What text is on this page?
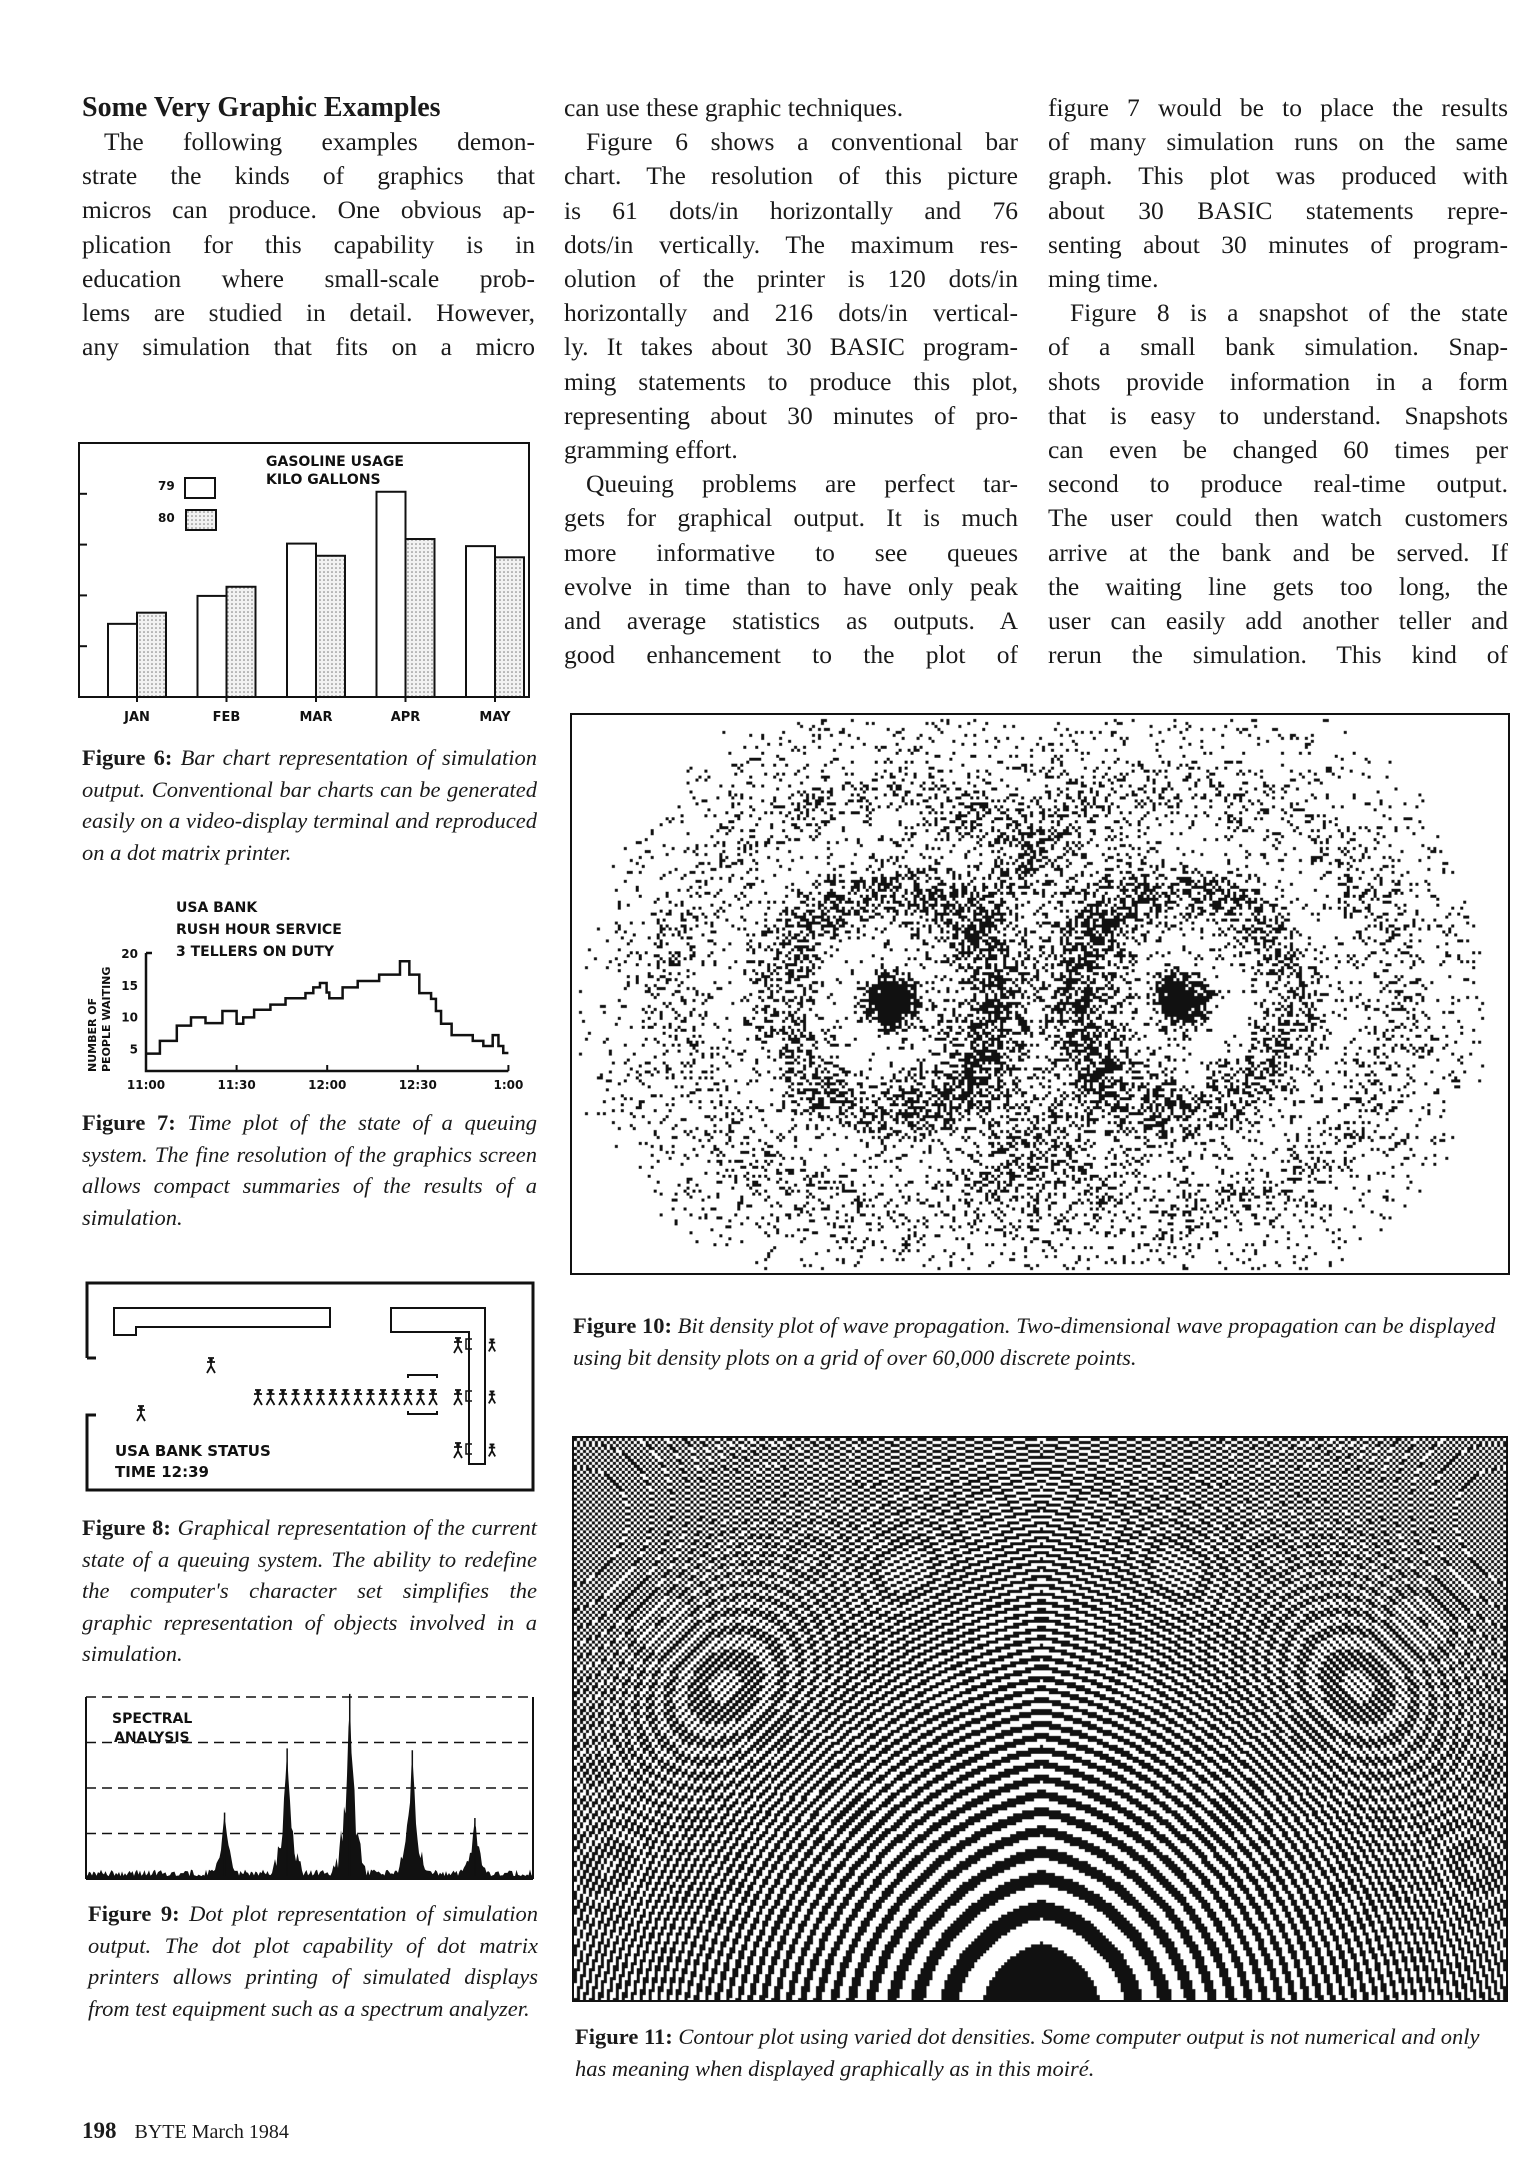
Some Very Graphic Examples
The following examples demon-
strate the kinds of graphics that
micros can produce. One obvious ap-
plication for this capability is in
education where small-scale prob-
lems are studied in detail. However,
any simulation that fits on a micro
can use these graphic techniques.
Figure 6 shows a conventional bar
chart. The resolution of this picture
is 61 dots/in horizontally and 76
dots/in vertically. The maximum res-
olution of the printer is 120 dots/in
horizontally and 216 dots/in vertical-
ly. It takes about 30 BASIC program-
ming statements to produce this plot,
representing about 30 minutes of pro-
gramming effort.
Queuing problems are perfect tar-
gets for graphical output. It is much
more informative to see queues
evolve in time than to have only peak
and average statistics as outputs. A
good enhancement to the plot of
figure 7 would be to place the results
of many simulation runs on the same
graph. This plot was produced with
about 30 BASIC statements repre-
senting about 30 minutes of program-
ming time.
Figure 8 is a snapshot of the state
of a small bank simulation. Snap-
shots provide information in a form
that is easy to understand. Snapshots
can even be changed 60 times per
second to produce real-time output.
The user could then watch customers
arrive at the bank and be served. If
the waiting line gets too long, the
user can easily add another teller and
rerun the simulation. This kind of
GASOLINE USAGE
KILO GALLONS
79
80
JAN	FEB	MAR	APR	MAY
Figure 6: Bar chart representation of simulation output. Conventional bar charts can be generated easily on a video-display terminal and reproduced on a dot matrix printer.
USA BANK
RUSH HOUR SERVICE
3 TELLERS ON DUTY
NUMBER OF PEOPLE WAITING 5
10
15
20
11:00	11:30	12:00	12:30	1:00
Figure 7: Time plot of the state of a queuing system. The fine resolution of the graphics screen allows compact summaries of the results of a simulation.
USA BANK STATUS
TIME 12:39
Figure 8: Graphical representation of the current state of a queuing system. The ability to redefine the computer's character set simplifies the graphic representation of objects involved in a simulation.
SPECTRAL
ANALYSIS
Figure 9: Dot plot representation of simulation output. The dot plot capability of dot matrix printers allows printing of simulated displays from test equipment such as a spectrum analyzer.
Figure 10: Bit density plot of wave propagation. Two-dimensional wave propagation can be displayed using bit density plots on a grid of over 60,000 discrete points.
Figure 11: Contour plot using varied dot densities. Some computer output is not numerical and only has meaning when displayed graphically as in this moiré.
198 BYTE March 1984
